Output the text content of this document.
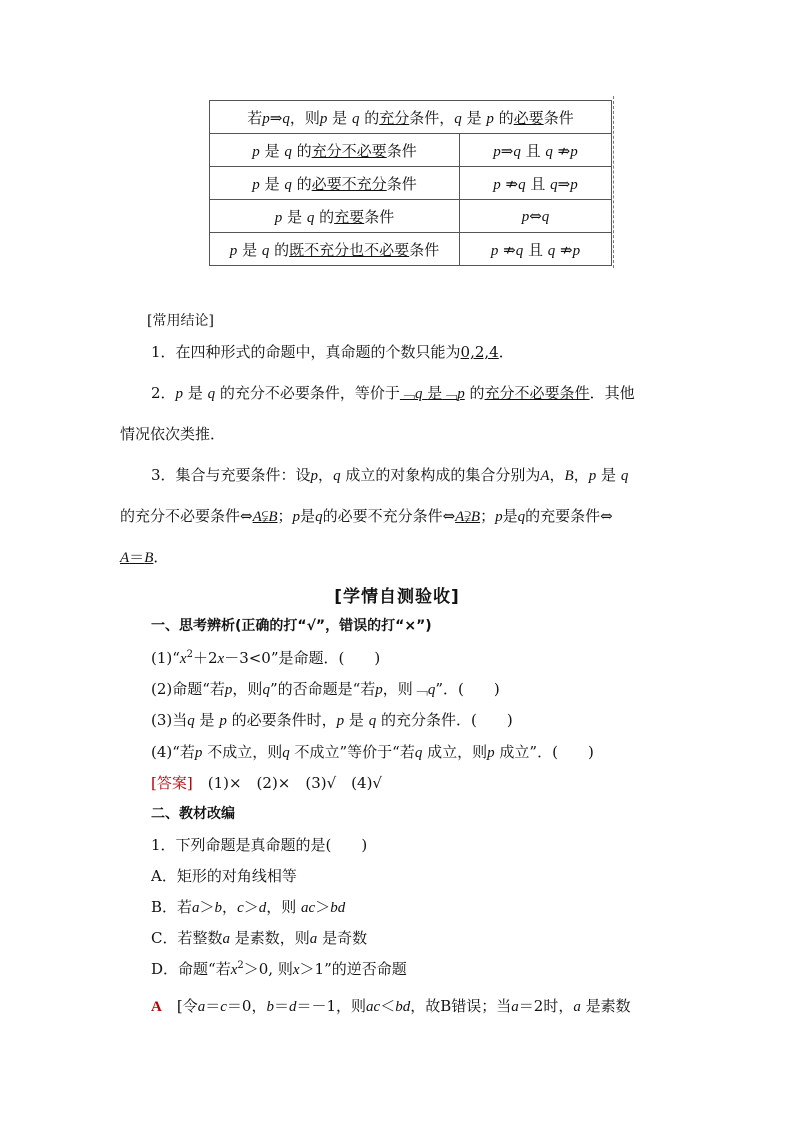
若p⇒q，则p 是 q 的充分条件，q 是 p 的必要条件	
p 是 q 的充分不必要条件	p⇒q 且 q ⇏p
p 是 q 的必要不充分条件	p ⇏q 且 q⇒p
p 是 q 的充要条件	p⇔q
p 是 q 的既不充分也不必要条件	p ⇏q 且 q ⇏p
[常用结论]
1．在四种形式的命题中，真命题的个数只能为0,2,4．
2．p 是 q 的充分不必要条件，等价于﹁q 是﹁p 的充分不必要条件．其他
情况依次类推．
3．集合与充要条件：设p，q 成立的对象构成的集合分别为A，B，p 是 q
的充分不必要条件⇔A⫋B；p是q的必要不充分条件⇔A⫌B；p是q的充要条件⇔
A＝B．
[学情自测验收]
一、思考辨析(正确的打“√”，错误的打“×”)
$(1)“x^2+2x-3<0$”是命题．(　　)
(2)命题“若p，则q”的否命题是“若p，则﹁q”．(　　)
(3)当q 是 p 的必要条件时，p 是 q 的充分条件．(　　)
(4)“若p 不成立，则q 不成立”等价于“若q 成立，则p 成立”．(　　)
[答案]　 (1)×　(2)×　(3)√　(4)√
二、教材改编
1．下列命题是真命题的是(　　)
A．矩形的对角线相等
B．若a＞b，c＞d，则 ac＞bd
C．若整数a 是素数，则a 是奇数
D．命题“若$x^2>0$, 则x＞1”的逆否命题
A　 [令a＝c＝0，b＝d＝－1，则ac＜bd，故B错误；当a＝2时，a 是素数
